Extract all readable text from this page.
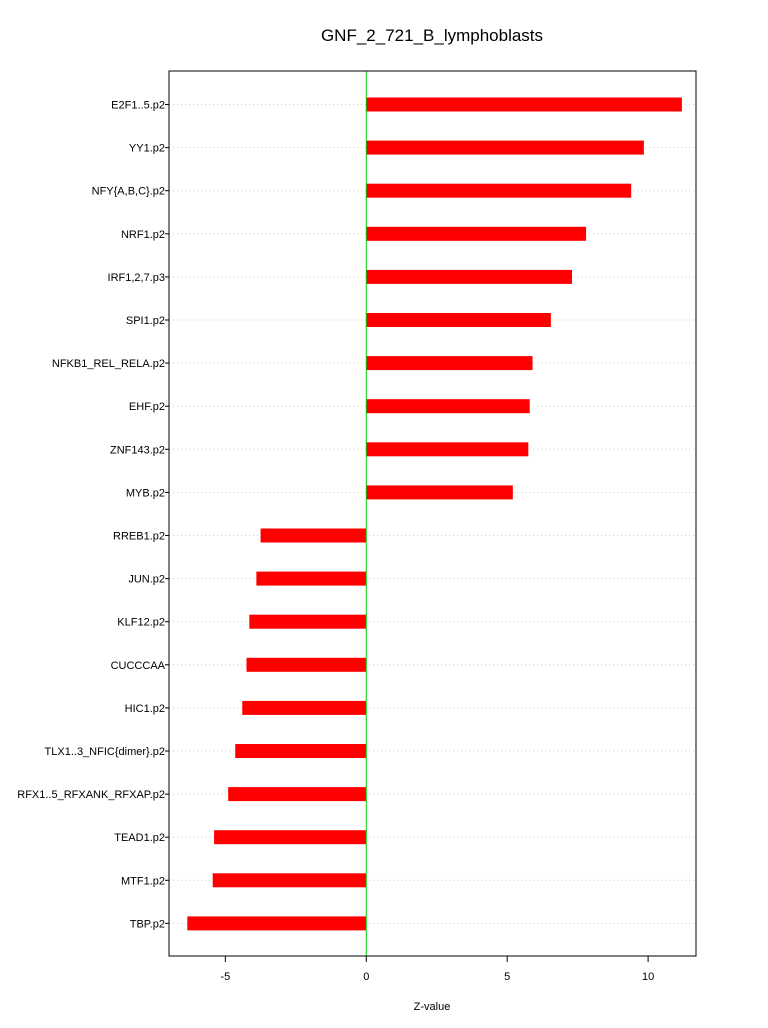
GNF_2_721_B_lymphoblasts
E2F1..5.p2
YY1.p2
NFY{A,B,C}.p2
NRF1.p2
IRF1,2,7.p3
SPI1.p2
NFKB1_REL_RELA.p2
EHF.p2
ZNF143.p2
MYB.p2
RREB1.p2
JUN.p2
KLF12.p2
CUCCCAA
HIC1.p2
TLX1..3_NFIC{dimer}.p2
RFX1..5_RFXANK_RFXAP.p2
TEAD1.p2
MTF1.p2
TBP.p2
-5	0	5	10
Z-value
